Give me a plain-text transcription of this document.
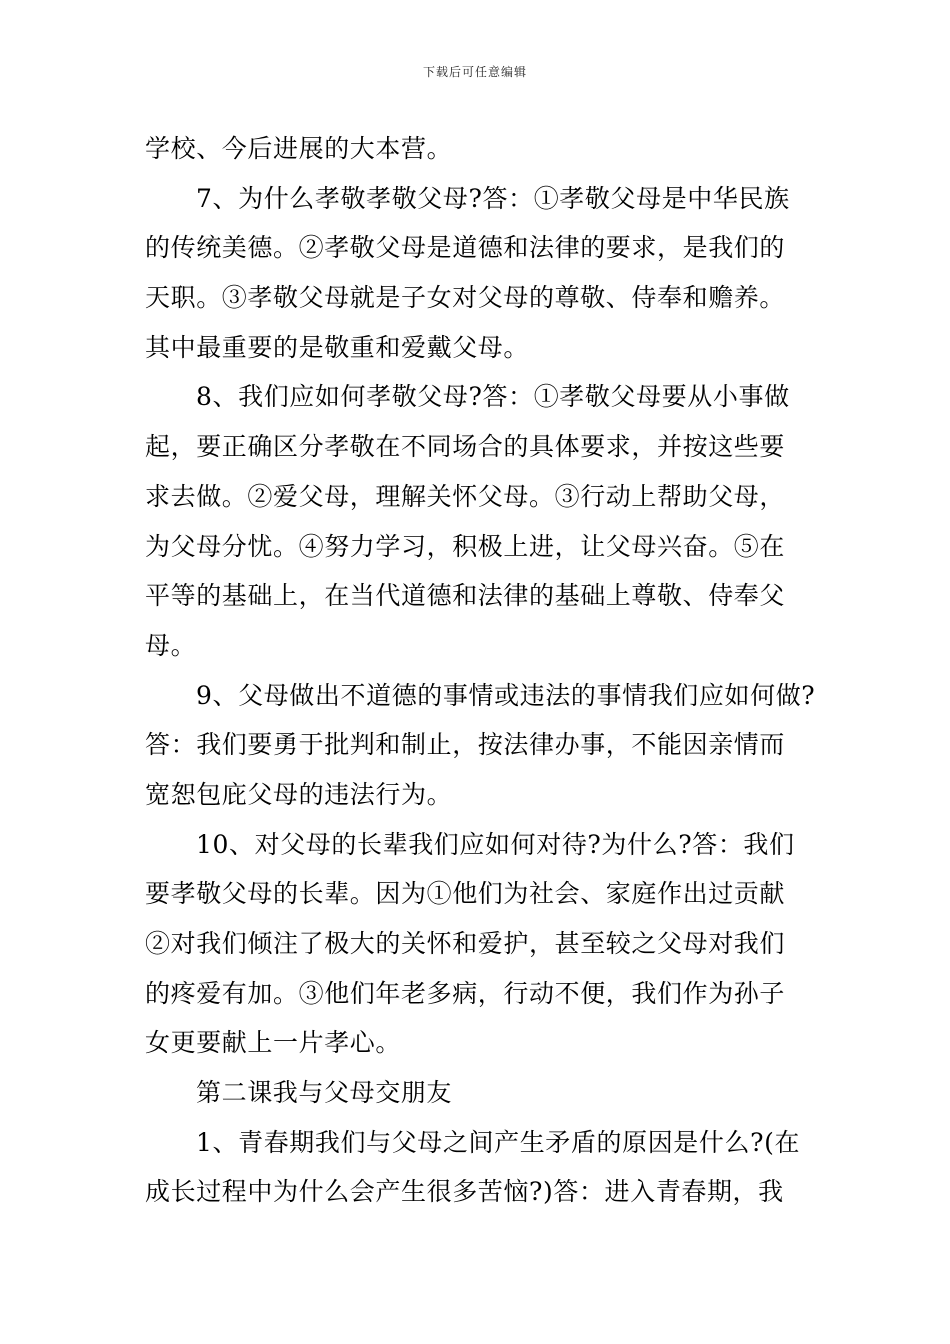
下载后可任意编辑
学校、今后进展的大本营。
7、为什么孝敬孝敬父母?答：①孝敬父母是中华民族
的传统美德。②孝敬父母是道德和法律的要求，是我们的
天职。③孝敬父母就是子女对父母的尊敬、侍奉和赡养。
其中最重要的是敬重和爱戴父母。
8、我们应如何孝敬父母?答：①孝敬父母要从小事做
起，要正确区分孝敬在不同场合的具体要求，并按这些要
求去做。②爱父母，理解关怀父母。③行动上帮助父母，
为父母分忧。④努力学习，积极上进，让父母兴奋。⑤在
平等的基础上，在当代道德和法律的基础上尊敬、侍奉父
母。
9、父母做出不道德的事情或违法的事情我们应如何做?
答：我们要勇于批判和制止，按法律办事，不能因亲情而
宽恕包庇父母的违法行为。
10、对父母的长辈我们应如何对待?为什么?答：我们
要孝敬父母的长辈。因为①他们为社会、家庭作出过贡献
②对我们倾注了极大的关怀和爱护，甚至较之父母对我们
的疼爱有加。③他们年老多病，行动不便，我们作为孙子
女更要献上一片孝心。
第二课我与父母交朋友
1、青春期我们与父母之间产生矛盾的原因是什么?(在
成长过程中为什么会产生很多苦恼?)答：进入青春期，我
